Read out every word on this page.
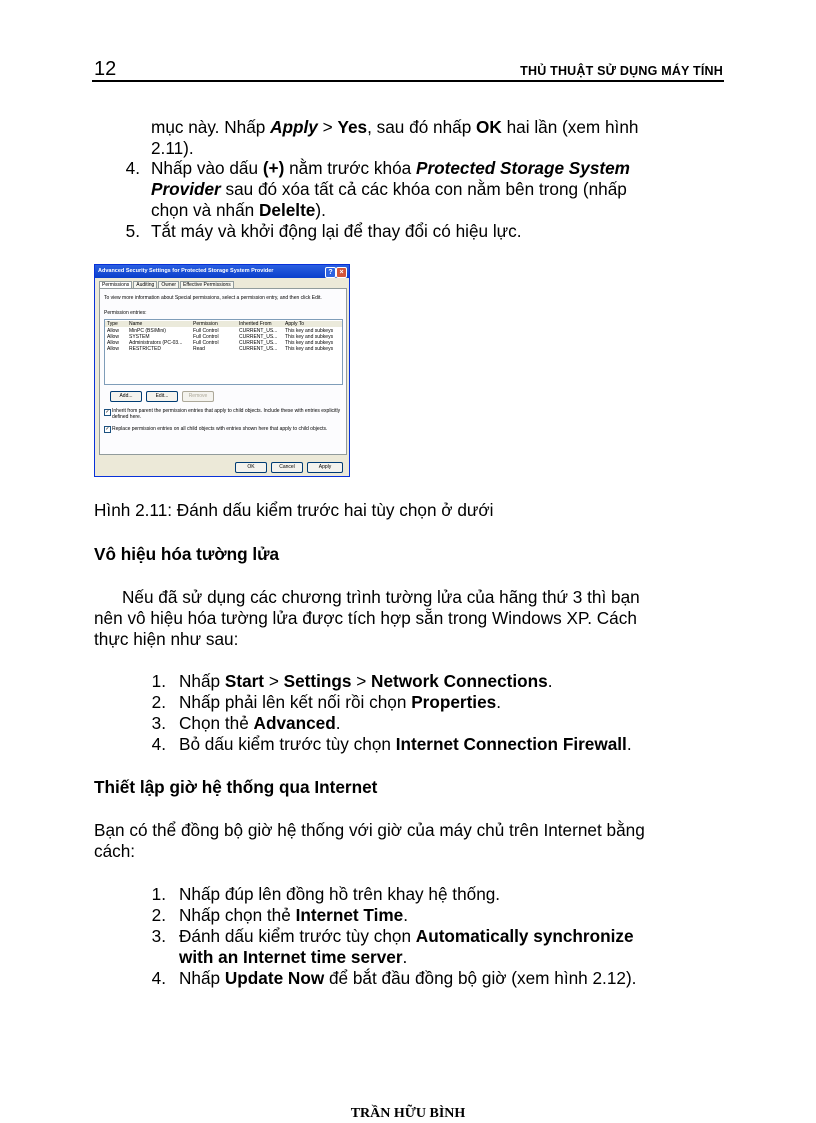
12	THỦ THUẬT SỬ DỤNG MÁY TÍNH
mục này. Nhấp Apply > Yes, sau đó nhấp OK hai lần (xem hình
2.11).
4. Nhấp vào dấu (+) nằm trước khóa Protected Storage System
Provider sau đó xóa tất cả các khóa con nằm bên trong (nhấp
chọn và nhấn Delelte).
5. Tắt máy và khởi động lại để thay đổi có hiệu lực.
Advanced Security Settings for Protected Storage System Provider	? ×
Permissions Auditing Owner Effective Permissions
To view more information about Special permissions, select a permission entry, and then click Edit.
Permission entries:
Type Name	Permission	Inherited From	Apply To
Allow MinPC (BS\Mini)	Full Control	CURRENT_US... This key and subkeys
Allow SYSTEM	Full Control	CURRENT_US... This key and subkeys
Allow Administrators (PC-03... Full Control	CURRENT_US... This key and subkeys
Allow RESTRICTED	Read	CURRENT_US... This key and subkeys
Add...	Edit...	Remove
✓ Inherit from parent the permission entries that apply to child objects. Include these with entries explicitly
defined here.
✓ Replace permission entries on all child objects with entries shown here that apply to child objects.
OK	Cancel	Apply
Hình 2.11: Đánh dấu kiểm trước hai tùy chọn ở dưới
Vô hiệu hóa tường lửa
Nếu đã sử dụng các chương trình tường lửa của hãng thứ 3 thì bạn
nên vô hiệu hóa tường lửa được tích hợp sẵn trong Windows XP. Cách
thực hiện như sau:
1. Nhấp Start > Settings > Network Connections.
2. Nhấp phải lên kết nối rồi chọn Properties.
3. Chọn thẻ Advanced.
4. Bỏ dấu kiểm trước tùy chọn Internet Connection Firewall.
Thiết lập giờ hệ thống qua Internet
Bạn có thể đồng bộ giờ hệ thống với giờ của máy chủ trên Internet bằng
cách:
1. Nhấp đúp lên đồng hồ trên khay hệ thống.
2. Nhấp chọn thẻ Internet Time.
3. Đánh dấu kiểm trước tùy chọn Automatically synchronize
with an Internet time server.
4. Nhấp Update Now để bắt đầu đồng bộ giờ (xem hình 2.12).
TRẦN HỮU BÌNH
